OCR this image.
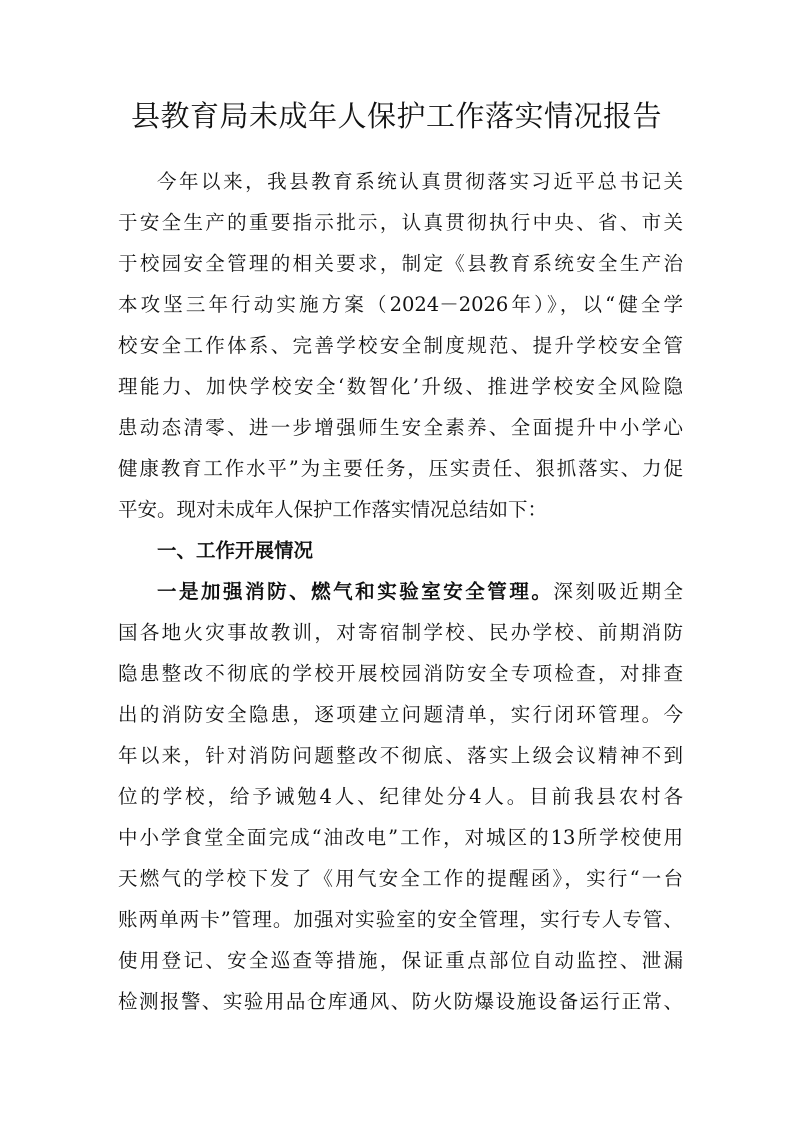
县教育局未成年人保护工作落实情况报告
今年以来，我县教育系统认真贯彻落实习近平总书记关
于安全生产的重要指示批示，认真贯彻执行中央、省、市关
于校园安全管理的相关要求，制定《县教育系统安全生产治
本攻坚三年行动实施方案（2024－2026年）》，以“健全学
校安全工作体系、完善学校安全制度规范、提升学校安全管
理能力、加快学校安全‘数智化’升级、推进学校安全风险隐
患动态清零、进一步增强师生安全素养、全面提升中小学心
健康教育工作水平”为主要任务，压实责任、狠抓落实、力促
平安。现对未成年人保护工作落实情况总结如下：
一、工作开展情况
一是加强消防、燃气和实验室安全管理。深刻吸近期全
国各地火灾事故教训，对寄宿制学校、民办学校、前期消防
隐患整改不彻底的学校开展校园消防安全专项检查，对排查
出的消防安全隐患，逐项建立问题清单，实行闭环管理。今
年以来，针对消防问题整改不彻底、落实上级会议精神不到
位的学校，给予诫勉4人、纪律处分4人。目前我县农村各
中小学食堂全面完成“油改电”工作，对城区的13所学校使用
天燃气的学校下发了《用气安全工作的提醒函》，实行“一台
账两单两卡”管理。加强对实验室的安全管理，实行专人专管、
使用登记、安全巡查等措施，保证重点部位自动监控、泄漏
检测报警、实验用品仓库通风、防火防爆设施设备运行正常、
